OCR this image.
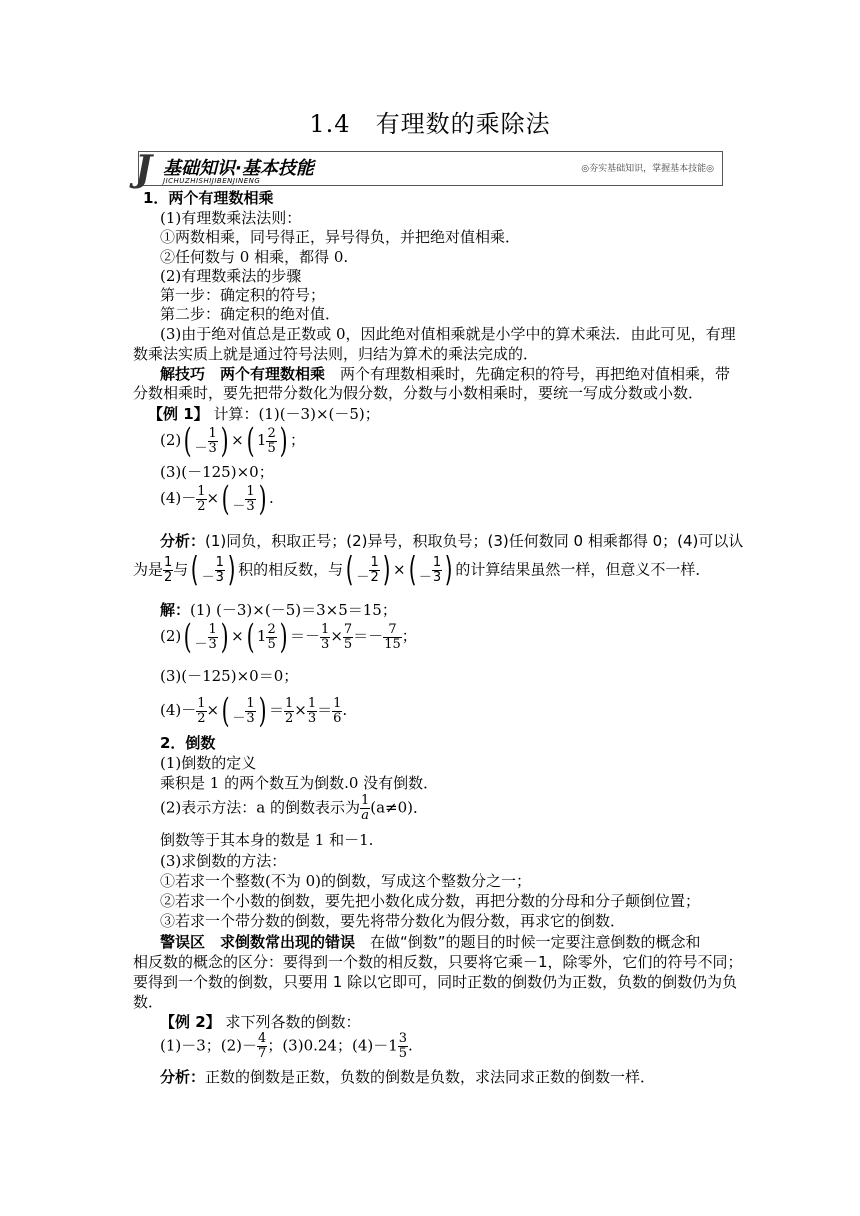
1.4　有理数的乘除法
J 基础知识·基本技能
JICHUZHISHIJIBENJINENG
◎夯实基础知识，掌握基本技能◎
1．两个有理数相乘
(1)有理数乘法法则：
①两数相乘，同号得正，异号得负，并把绝对值相乘．
②任何数与 0 相乘，都得 0.
(2)有理数乘法的步骤
第一步：确定积的符号；
第二步：确定积的绝对值．
(3)由于绝对值总是正数或 0，因此绝对值相乘就是小学中的算术乘法．由此可见，有理
数乘法实质上就是通过符号法则，归结为算术的乘法完成的．
解技巧　两个有理数相乘　两个有理数相乘时，先确定积的符号，再把绝对值相乘，带
分数相乘时，要先把带分数化为假分数，分数与小数相乘时，要统一写成分数或小数．
【例 1】 计算：(1)(－3)×(－5)；
$(2)( - \frac{1}{3}$ ) ×( $1 \frac{2}{5}$ ) ；
(3)(－125)×0；
$(4)- \frac{1}{2}$ ×( － $\frac{1}{3}$ ) .
分析：(1)同负，积取正号；(2)异号，积取负号；(3)任何数同 0 相乘都得 0；(4)可以认
为是 $\frac{1}{2}$ 与( － $\frac{1}{3}$ ) 积的相反数，与( － $\frac{1}{2}$ ) ×( － $\frac{1}{3}$ ) 的计算结果虽然一样，但意义不一样．
解：(1) (－3)×(－5)＝3×5＝15；
$(2)( - \frac{1}{3}$ ) ×( $1 \frac{2}{5}$ ) ＝－ $\frac{1}{3} \times \frac{7}{5} =- \frac{7}{15}$ ；
(3)(－125)×0＝0；
$(4)- \frac{1}{2}$ ×( － $\frac{1}{3}$ ) ＝ $\frac{1}{2} \times \frac{1}{3} = \frac{1}{6}$ .
2．倒数
(1)倒数的定义
乘积是 1 的两个数互为倒数.0 没有倒数．
(2)表示方法：a 的倒数表示为 $\frac{1}{a} (a\ne 0)$．
倒数等于其本身的数是 1 和－1.
(3)求倒数的方法：
①若求一个整数(不为 0)的倒数，写成这个整数分之一；
②若求一个小数的倒数，要先把小数化成分数，再把分数的分母和分子颠倒位置；
③若求一个带分数的倒数，要先将带分数化为假分数，再求它的倒数．
警误区　求倒数常出现的错误　在做“倒数”的题目的时候一定要注意倒数的概念和
相反数的概念的区分：要得到一个数的相反数，只要将它乘－1，除零外，它们的符号不同；
要得到一个数的倒数，只要用 1 除以它即可，同时正数的倒数仍为正数，负数的倒数仍为负
数．
【例 2】 求下列各数的倒数：
(1)－3；$(2)- \frac{4}{7}$ ；(3)0.24；$(4)-1 \frac{3}{5}$ .
分析：正数的倒数是正数，负数的倒数是负数，求法同求正数的倒数一样．
